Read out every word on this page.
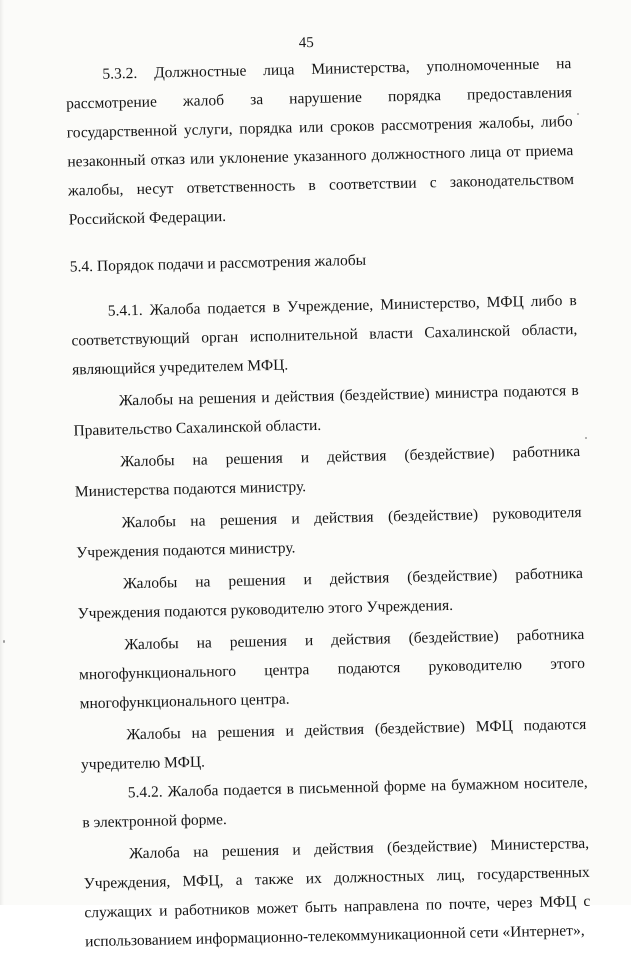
45

5.3.2. Должностные лица Министерства, уполномоченные на рассмотрение жалоб за нарушение порядка предоставления государственной услуги, порядка или сроков рассмотрения жалобы, либо незаконный отказ или уклонение указанного должностного лица от приема жалобы, несут ответственность в соответствии с законодательством Российской Федерации.

5.4. Порядок подачи и рассмотрения жалобы

5.4.1. Жалоба подается в Учреждение, Министерство, МФЦ либо в соответствующий орган исполнительной власти Сахалинской области, являющийся учредителем МФЦ.

Жалобы на решения и действия (бездействие) министра подаются в Правительство Сахалинской области.

Жалобы на решения и действия (бездействие) работника Министерства подаются министру.

Жалобы на решения и действия (бездействие) руководителя Учреждения подаются министру.

Жалобы на решения и действия (бездействие) работника Учреждения подаются руководителю этого Учреждения.

Жалобы на решения и действия (бездействие) работника многофункционального центра подаются руководителю этого многофункционального центра.

Жалобы на решения и действия (бездействие) МФЦ подаются учредителю МФЦ.

5.4.2. Жалоба подается в письменной форме на бумажном носителе, в электронной форме.

Жалоба на решения и действия (бездействие) Министерства, Учреждения, МФЦ, а также их должностных лиц, государственных служащих и работников может быть направлена по почте, через МФЦ с использованием информационно-телекоммуникационной сети «Интернет»,
